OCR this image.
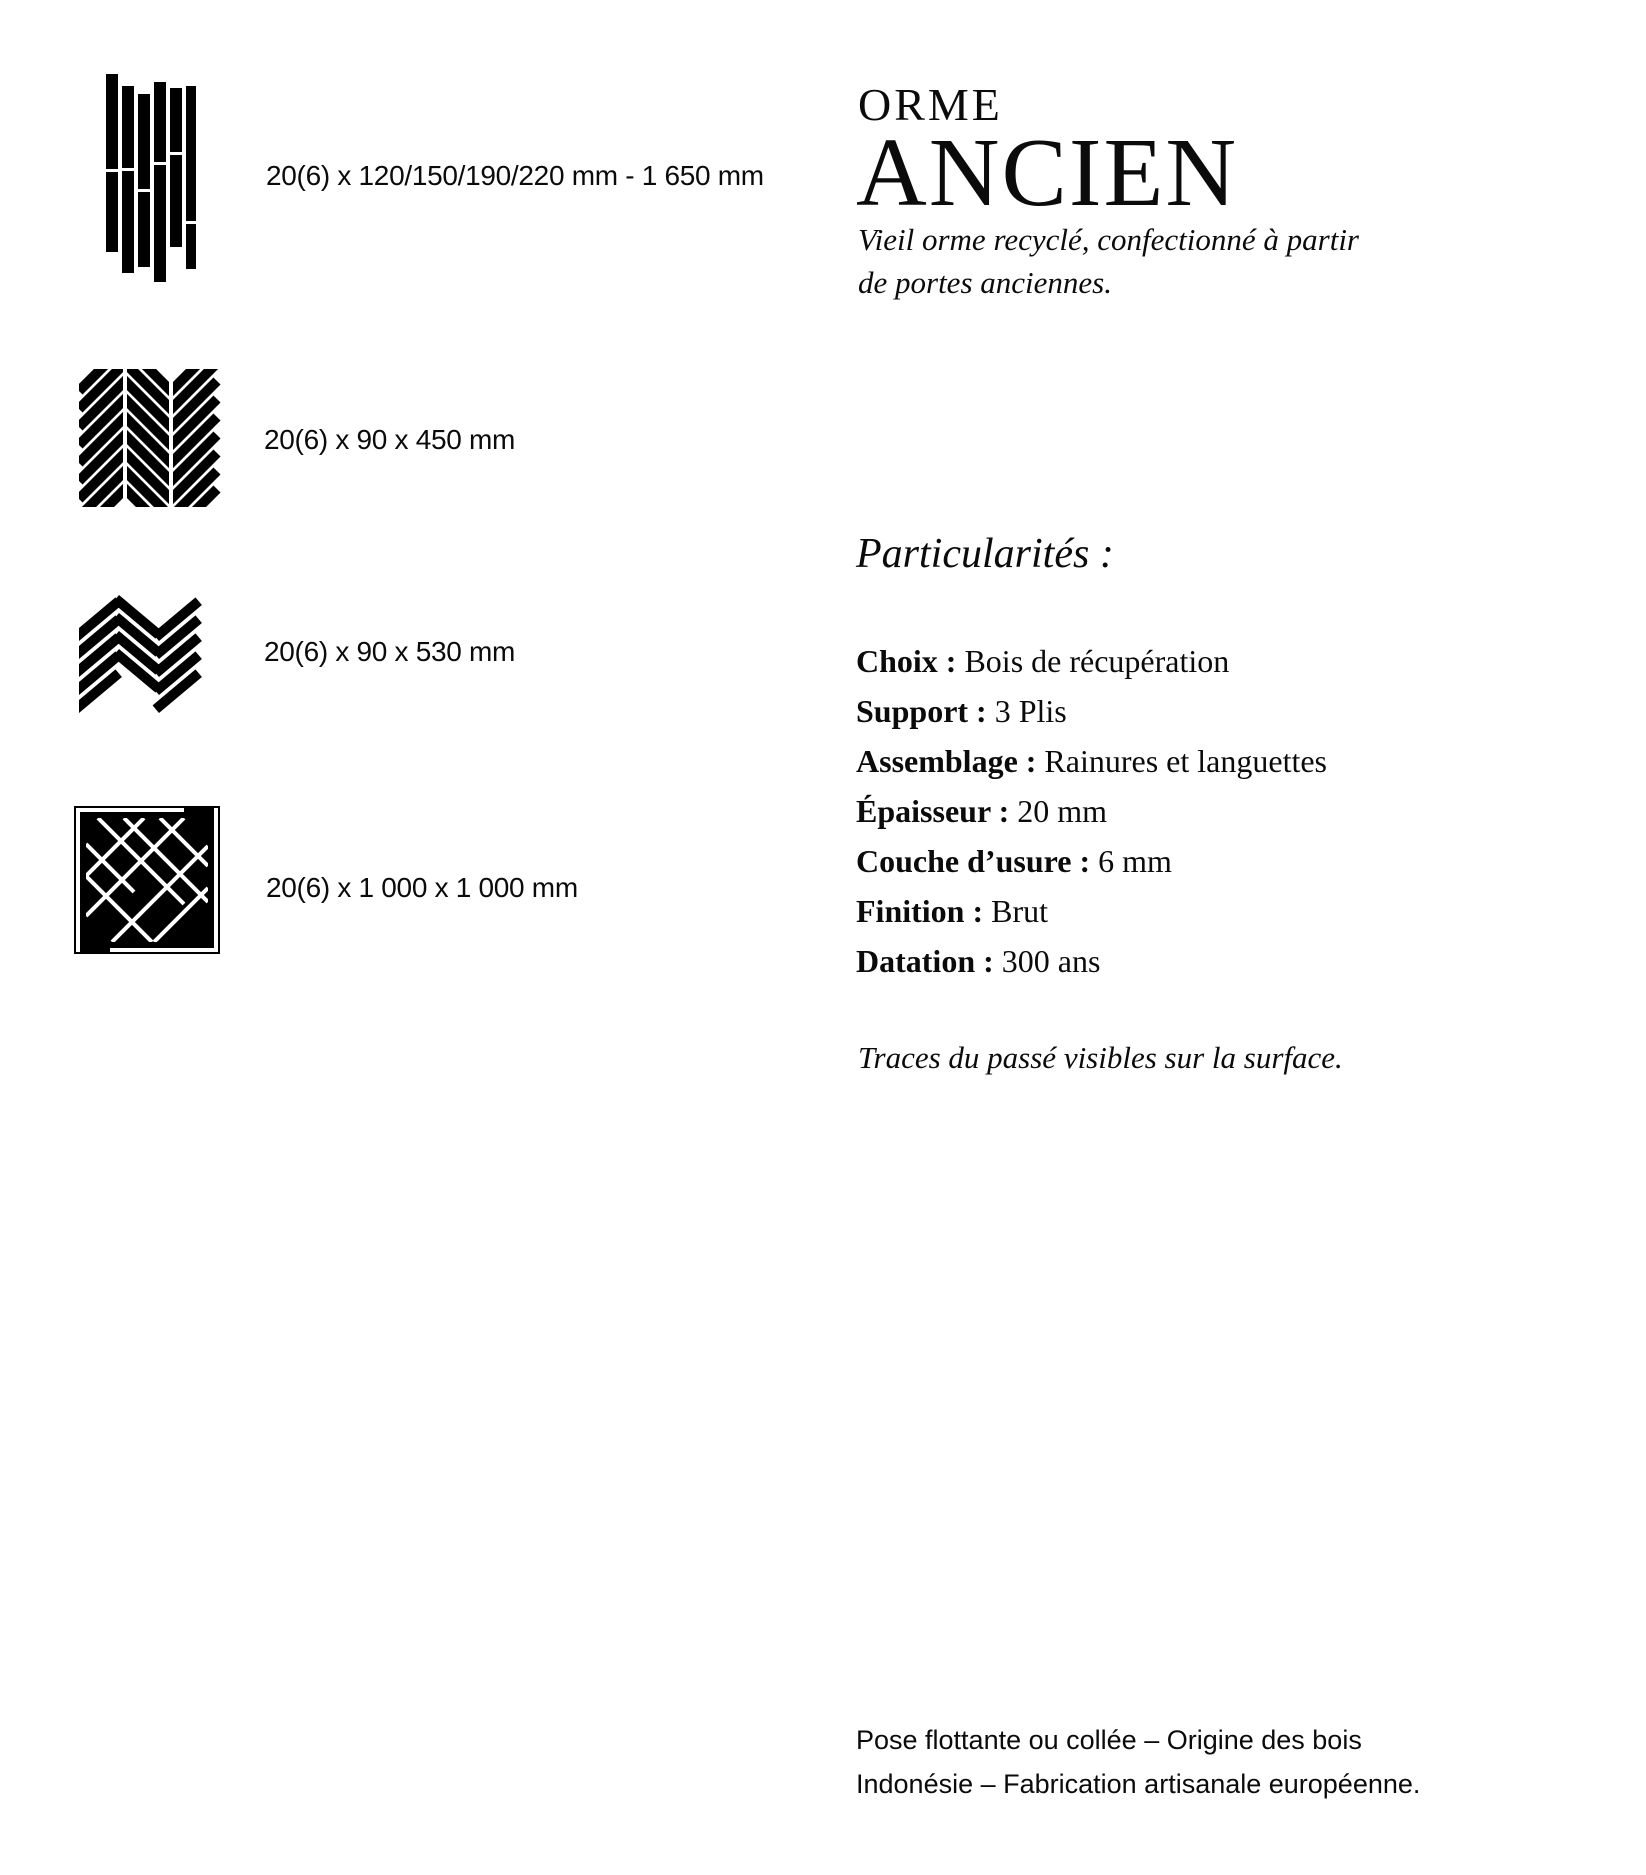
20(6) x 120/150/190/220 mm - 1 650 mm
20(6) x 90 x 450 mm
20(6) x 90 x 530 mm
20(6) x 1 000 x 1 000 mm
ORME
ANCIEN
Vieil orme recyclé, confectionné à partir
de portes anciennes.
Particularités :
Choix : Bois de récupération
Support : 3 Plis
Assemblage : Rainures et languettes
Épaisseur : 20 mm
Couche d’usure : 6 mm
Finition : Brut
Datation : 300 ans
Traces du passé visibles sur la surface.
Pose flottante ou collée – Origine des bois
Indonésie – Fabrication artisanale européenne.
